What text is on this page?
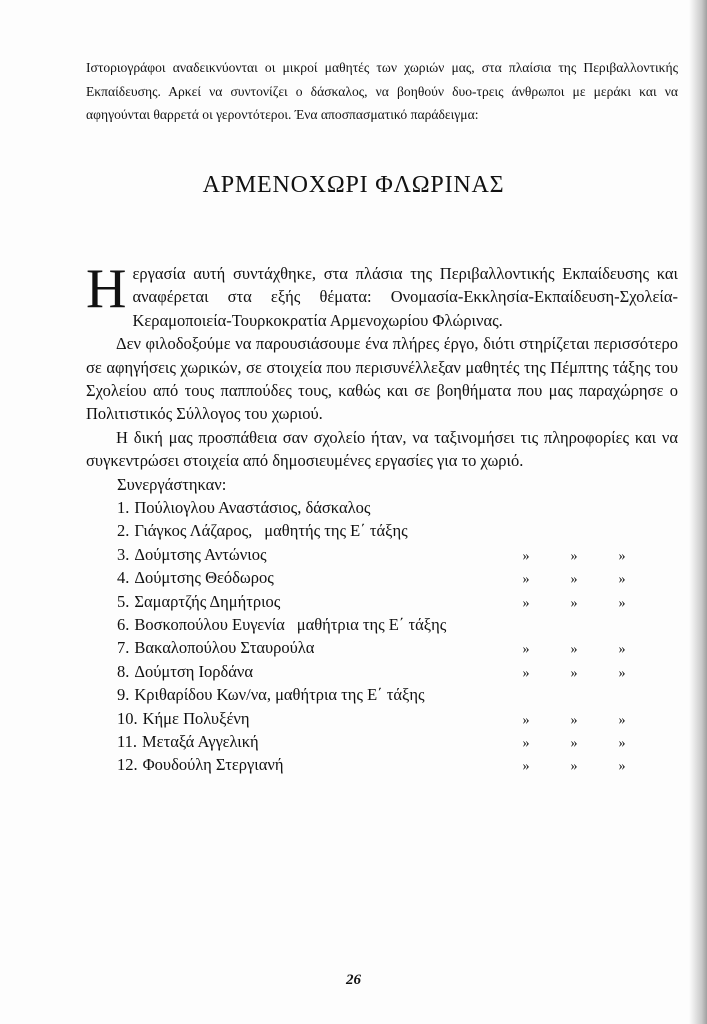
Ιστοριογράφοι αναδεικνύονται οι μικροί μαθητές των χωριών μας, στα πλαίσια της Περιβαλλοντικής Εκπαίδευσης. Αρκεί να συντονίζει ο δάσκαλος, να βοηθούν δυο-τρεις άνθρωποι με μεράκι και να αφηγούνται θαρρετά οι γεροντότεροι. Ένα αποσπασματικό παράδειγμα:

ΑΡΜΕΝΟΧΩΡΙ ΦΛΩΡΙΝΑΣ

Ηεργασία αυτή συντάχθηκε, στα πλάσια της Περιβαλλοντικής Εκπαίδευσης και αναφέρεται στα εξής θέματα: Ονομασία-Εκκλησία-Εκπαίδευση-Σχολεία-Κεραμοποιεία-Τουρκοκρατία Αρμενοχωρίου Φλώρινας.

Δεν φιλοδοξούμε να παρουσιάσουμε ένα πλήρες έργο, διότι στηρίζεται περισσότερο σε αφηγήσεις χωρικών, σε στοιχεία που περισυνέλλεξαν μαθητές της Πέμπτης τάξης του Σχολείου από τους παππούδες τους, καθώς και σε βοηθήματα που μας παραχώρησε ο Πολιτιστικός Σύλλογος του χωριού.

Η δική μας προσπάθεια σαν σχολείο ήταν, να ταξινομήσει τις πληροφορίες και να συγκεντρώσει στοιχεία από δημοσιευμένες εργασίες για το χωριό.

Συνεργάστηκαν:

1. Πούλιογλου Αναστάσιος, δάσκαλος
2. Γιάγκος Λάζαρος, μαθητής της Ε΄ τάξης
3. Δούμτσης Αντώνιος	»	»	»
4. Δούμτσης Θεόδωρος	»	»	»
5. Σαμαρτζής Δημήτριος	»	»	»
6. Βοσκοπούλου Ευγενία μαθήτρια της Ε΄ τάξης
7. Βακαλοπούλου Σταυρούλα	»	»	»
8. Δούμτση Ιορδάνα	»	»	»
9. Κριθαρίδου Κων/να, μαθήτρια της Ε΄ τάξης
10. Κήμε Πολυξένη	»	»	»
11. Μεταξά Αγγελική	»	»	»
12. Φουδούλη Στεργιανή	»	»	»
26
